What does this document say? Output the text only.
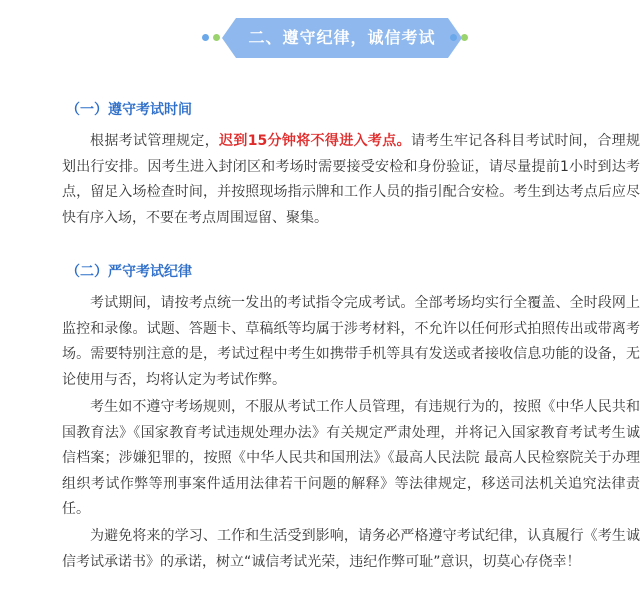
二、遵守纪律，诚信考试
（一）遵守考试时间

根据考试管理规定，迟到15分钟将不得进入考点。请考生牢记各科目考试时间，合理规划出行安排。因考生进入封闭区和考场时需要接受安检和身份验证，请尽量提前1小时到达考点，留足入场检查时间，并按照现场指示牌和工作人员的指引配合安检。考生到达考点后应尽快有序入场，不要在考点周围逗留、聚集。

（二）严守考试纪律

考试期间，请按考点统一发出的考试指令完成考试。全部考场均实行全覆盖、全时段网上监控和录像。试题、答题卡、草稿纸等均属于涉考材料，不允许以任何形式拍照传出或带离考场。需要特别注意的是，考试过程中考生如携带手机等具有发送或者接收信息功能的设备，无论使用与否，均将认定为考试作弊。

考生如不遵守考场规则，不服从考试工作人员管理，有违规行为的，按照《中华人民共和国教育法》《国家教育考试违规处理办法》有关规定严肃处理，并将记入国家教育考试考生诚信档案；涉嫌犯罪的，按照《中华人民共和国刑法》《最高人民法院 最高人民检察院关于办理组织考试作弊等刑事案件适用法律若干问题的解释》等法律规定，移送司法机关追究法律责任。

为避免将来的学习、工作和生活受到影响，请务必严格遵守考试纪律，认真履行《考生诚信考试承诺书》的承诺，树立“诚信考试光荣，违纪作弊可耻”意识，切莫心存侥幸！
